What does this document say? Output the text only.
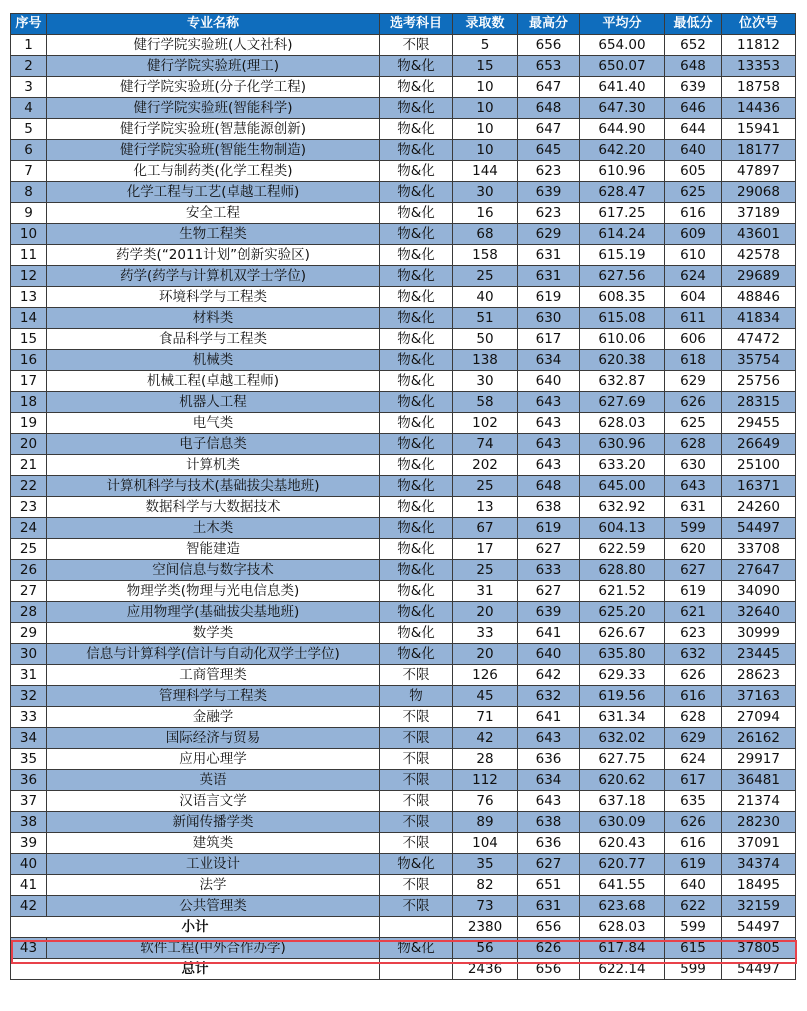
序号	专业名称	选考科目	录取数	最高分	平均分	最低分	位次号
1	健行学院实验班(人文社科)	不限	5	656	654.00	652	11812
2	健行学院实验班(理工)	物&化	15	653	650.07	648	13353
3	健行学院实验班(分子化学工程)	物&化	10	647	641.40	639	18758
4	健行学院实验班(智能科学)	物&化	10	648	647.30	646	14436
5	健行学院实验班(智慧能源创新)	物&化	10	647	644.90	644	15941
6	健行学院实验班(智能生物制造)	物&化	10	645	642.20	640	18177
7	化工与制药类(化学工程类)	物&化	144	623	610.96	605	47897
8	化学工程与工艺(卓越工程师)	物&化	30	639	628.47	625	29068
9	安全工程	物&化	16	623	617.25	616	37189
10	生物工程类	物&化	68	629	614.24	609	43601
11	药学类(“2011计划”创新实验区)	物&化	158	631	615.19	610	42578
12	药学(药学与计算机双学士学位)	物&化	25	631	627.56	624	29689
13	环境科学与工程类	物&化	40	619	608.35	604	48846
14	材料类	物&化	51	630	615.08	611	41834
15	食品科学与工程类	物&化	50	617	610.06	606	47472
16	机械类	物&化	138	634	620.38	618	35754
17	机械工程(卓越工程师)	物&化	30	640	632.87	629	25756
18	机器人工程	物&化	58	643	627.69	626	28315
19	电气类	物&化	102	643	628.03	625	29455
20	电子信息类	物&化	74	643	630.96	628	26649
21	计算机类	物&化	202	643	633.20	630	25100
22	计算机科学与技术(基础拔尖基地班)	物&化	25	648	645.00	643	16371
23	数据科学与大数据技术	物&化	13	638	632.92	631	24260
24	土木类	物&化	67	619	604.13	599	54497
25	智能建造	物&化	17	627	622.59	620	33708
26	空间信息与数字技术	物&化	25	633	628.80	627	27647
27	物理学类(物理与光电信息类)	物&化	31	627	621.52	619	34090
28	应用物理学(基础拔尖基地班)	物&化	20	639	625.20	621	32640
29	数学类	物&化	33	641	626.67	623	30999
30	信息与计算科学(信计与自动化双学士学位)	物&化	20	640	635.80	632	23445
31	工商管理类	不限	126	642	629.33	626	28623
32	管理科学与工程类	物	45	632	619.56	616	37163
33	金融学	不限	71	641	631.34	628	27094
34	国际经济与贸易	不限	42	643	632.02	629	26162
35	应用心理学	不限	28	636	627.75	624	29917
36	英语	不限	112	634	620.62	617	36481
37	汉语言文学	不限	76	643	637.18	635	21374
38	新闻传播学类	不限	89	638	630.09	626	28230
39	建筑类	不限	104	636	620.43	616	37091
40	工业设计	物&化	35	627	620.77	619	34374
41	法学	不限	82	651	641.55	640	18495
42	公共管理类	不限	73	631	623.68	622	32159
小计			2380	656	628.03	599	54497
43	软件工程(中外合作办学)	物&化	56	626	617.84	615	37805
总计			2436	656	622.14	599	54497
